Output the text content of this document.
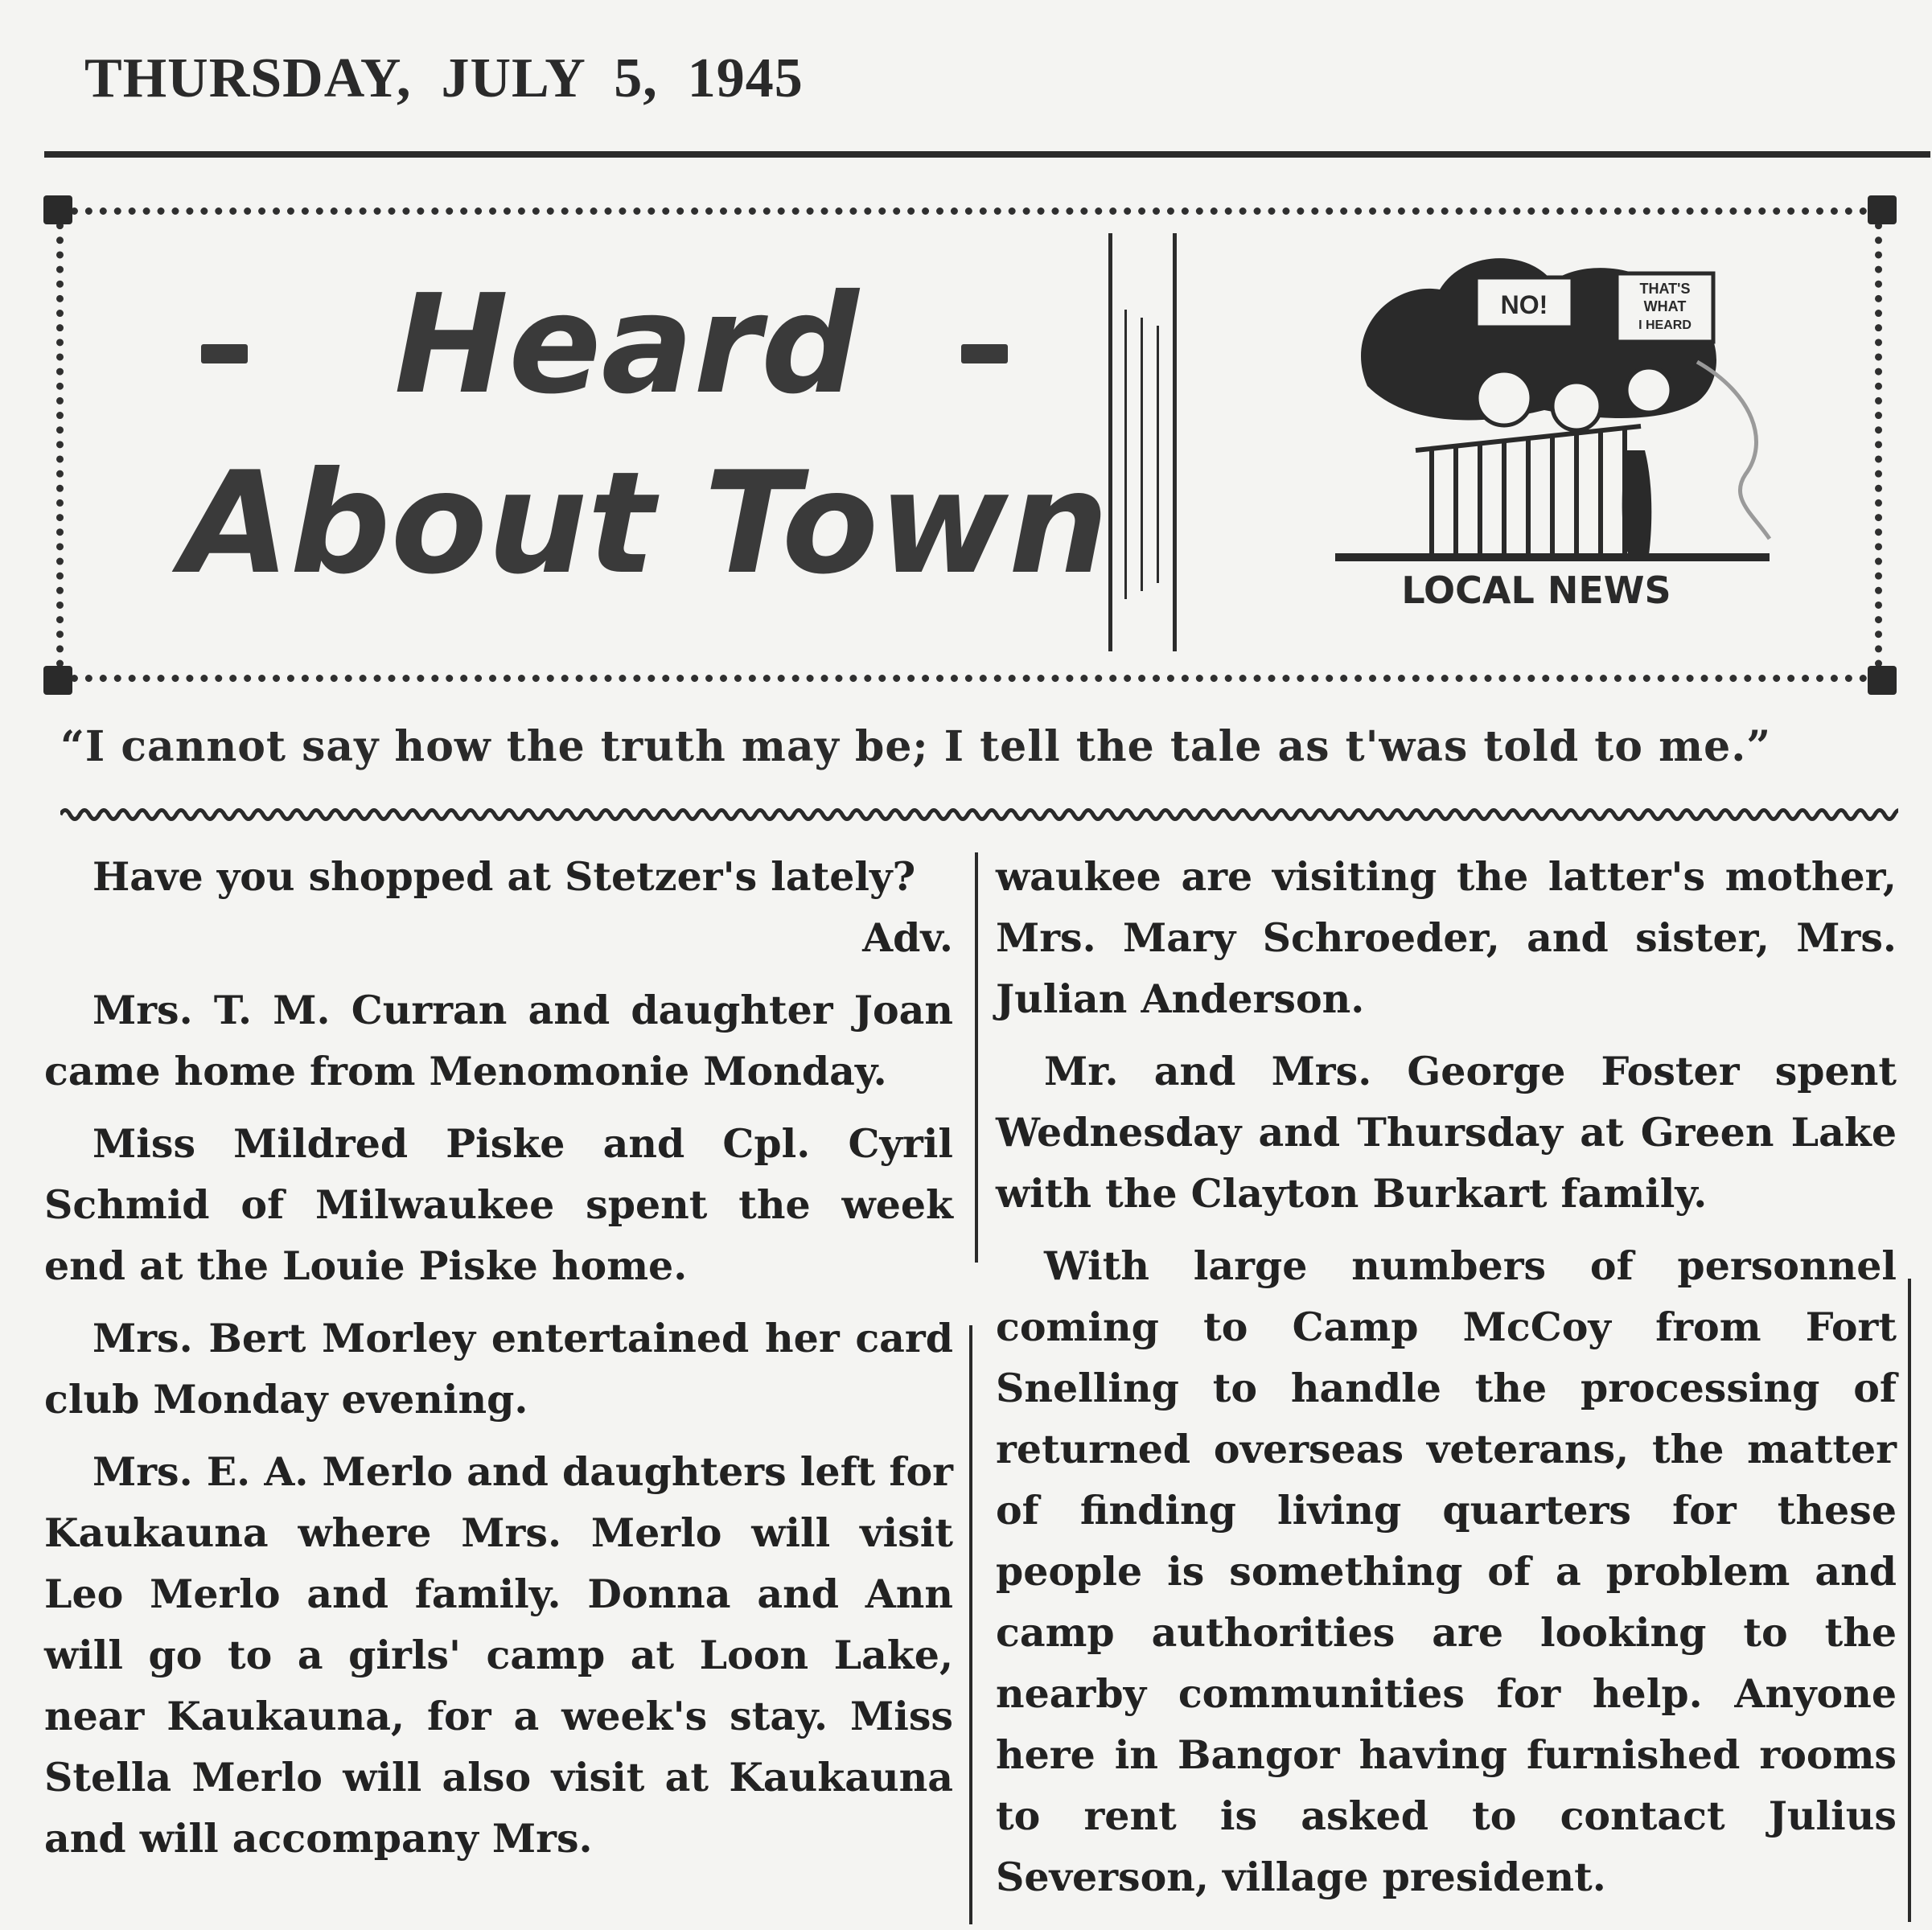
THURSDAY,  JULY  5,  1945
Heard
About Town
NO!
THAT'S
WHAT
I HEARD
LOCAL NEWS
“I cannot say how the truth may be; I tell the tale as t'was told to me.”

Have you shopped at Stetzer's lately?
Adv.

Mrs. T. M. Curran and daughter Joan came home from Menomonie Monday.

Miss Mildred Piske and Cpl. Cyril Schmid of Milwaukee spent the week end at the Louie Piske home.

Mrs. Bert Morley entertained her card club Monday evening.

Mrs. E. A. Merlo and daughters left for Kaukauna where Mrs. Merlo will visit Leo Merlo and family. Donna and Ann will go to a girls' camp at Loon Lake, near Kaukauna, for a week's stay. Miss Stella Merlo will also visit at Kaukauna and will accompany Mrs.

waukee are visiting the latter's mother, Mrs. Mary Schroeder, and sister, Mrs. Julian Anderson.

Mr. and Mrs. George Foster spent Wednesday and Thursday at Green Lake with the Clayton Burkart family.

With large numbers of personnel coming to Camp McCoy from Fort Snelling to handle the processing of returned overseas veterans, the matter of finding living quarters for these people is something of a problem and camp authorities are looking to the nearby communities for help. Anyone here in Bangor having furnished rooms to rent is asked to contact Julius Severson, village president.
